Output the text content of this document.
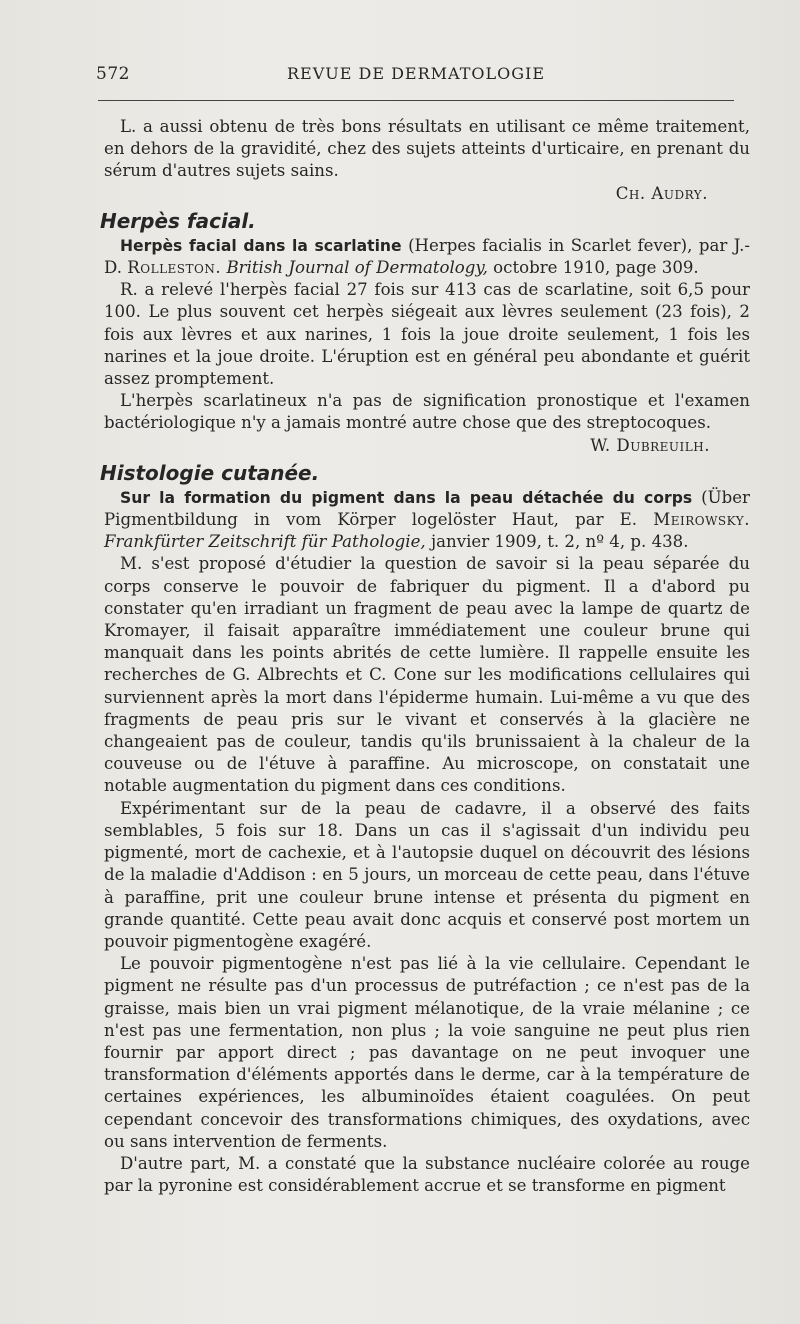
572	REVUE DE DERMATOLOGIE

L. a aussi obtenu de très bons résultats en utilisant ce même traitement, en dehors de la gravidité, chez des sujets atteints d'urticaire, en prenant du sérum d'autres sujets sains.

Ch. Audry.

Herpès facial.

Herpès facial dans la scarlatine (Herpes facialis in Scarlet fever), par J.-D. Rolleston. British Journal of Dermatology, octobre 1910, page 309.

R. a relevé l'herpès facial 27 fois sur 413 cas de scarlatine, soit 6,5 pour 100. Le plus souvent cet herpès siégeait aux lèvres seulement (23 fois), 2 fois aux lèvres et aux narines, 1 fois la joue droite seulement, 1 fois les narines et la joue droite. L'éruption est en général peu abondante et guérit assez promptement.

L'herpès scarlatineux n'a pas de signification pronostique et l'examen bactériologique n'y a jamais montré autre chose que des streptocoques.

W. Dubreuilh.

Histologie cutanée.

Sur la formation du pigment dans la peau détachée du corps (Über Pigmentbildung in vom Körper logelöster Haut, par E. Meirowsky. Frankfürter Zeitschrift für Pathologie, janvier 1909, t. 2, nº 4, p. 438.

M. s'est proposé d'étudier la question de savoir si la peau séparée du corps conserve le pouvoir de fabriquer du pigment. Il a d'abord pu constater qu'en irradiant un fragment de peau avec la lampe de quartz de Kromayer, il faisait apparaître immédiatement une couleur brune qui manquait dans les points abrités de cette lumière. Il rappelle ensuite les recherches de G. Albrechts et C. Cone sur les modifications cellulaires qui surviennent après la mort dans l'épiderme humain. Lui-même a vu que des fragments de peau pris sur le vivant et conservés à la glacière ne changeaient pas de couleur, tandis qu'ils brunissaient à la chaleur de la couveuse ou de l'étuve à paraffine. Au microscope, on constatait une notable augmentation du pigment dans ces conditions.

Expérimentant sur de la peau de cadavre, il a observé des faits semblables, 5 fois sur 18. Dans un cas il s'agissait d'un individu peu pigmenté, mort de cachexie, et à l'autopsie duquel on découvrit des lésions de la maladie d'Addison : en 5 jours, un morceau de cette peau, dans l'étuve à paraffine, prit une couleur brune intense et présenta du pigment en grande quantité. Cette peau avait donc acquis et conservé post mortem un pouvoir pigmentogène exagéré.

Le pouvoir pigmentogène n'est pas lié à la vie cellulaire. Cependant le pigment ne résulte pas d'un processus de putréfaction ; ce n'est pas de la graisse, mais bien un vrai pigment mélanotique, de la vraie mélanine ; ce n'est pas une fermentation, non plus ; la voie sanguine ne peut plus rien fournir par apport direct ; pas davantage on ne peut invoquer une transformation d'éléments apportés dans le derme, car à la température de certaines expériences, les albuminoïdes étaient coagulées. On peut cependant concevoir des transformations chimiques, des oxydations, avec ou sans intervention de ferments.

D'autre part, M. a constaté que la substance nucléaire colorée au rouge par la pyronine est considérablement accrue et se transforme en pigment
